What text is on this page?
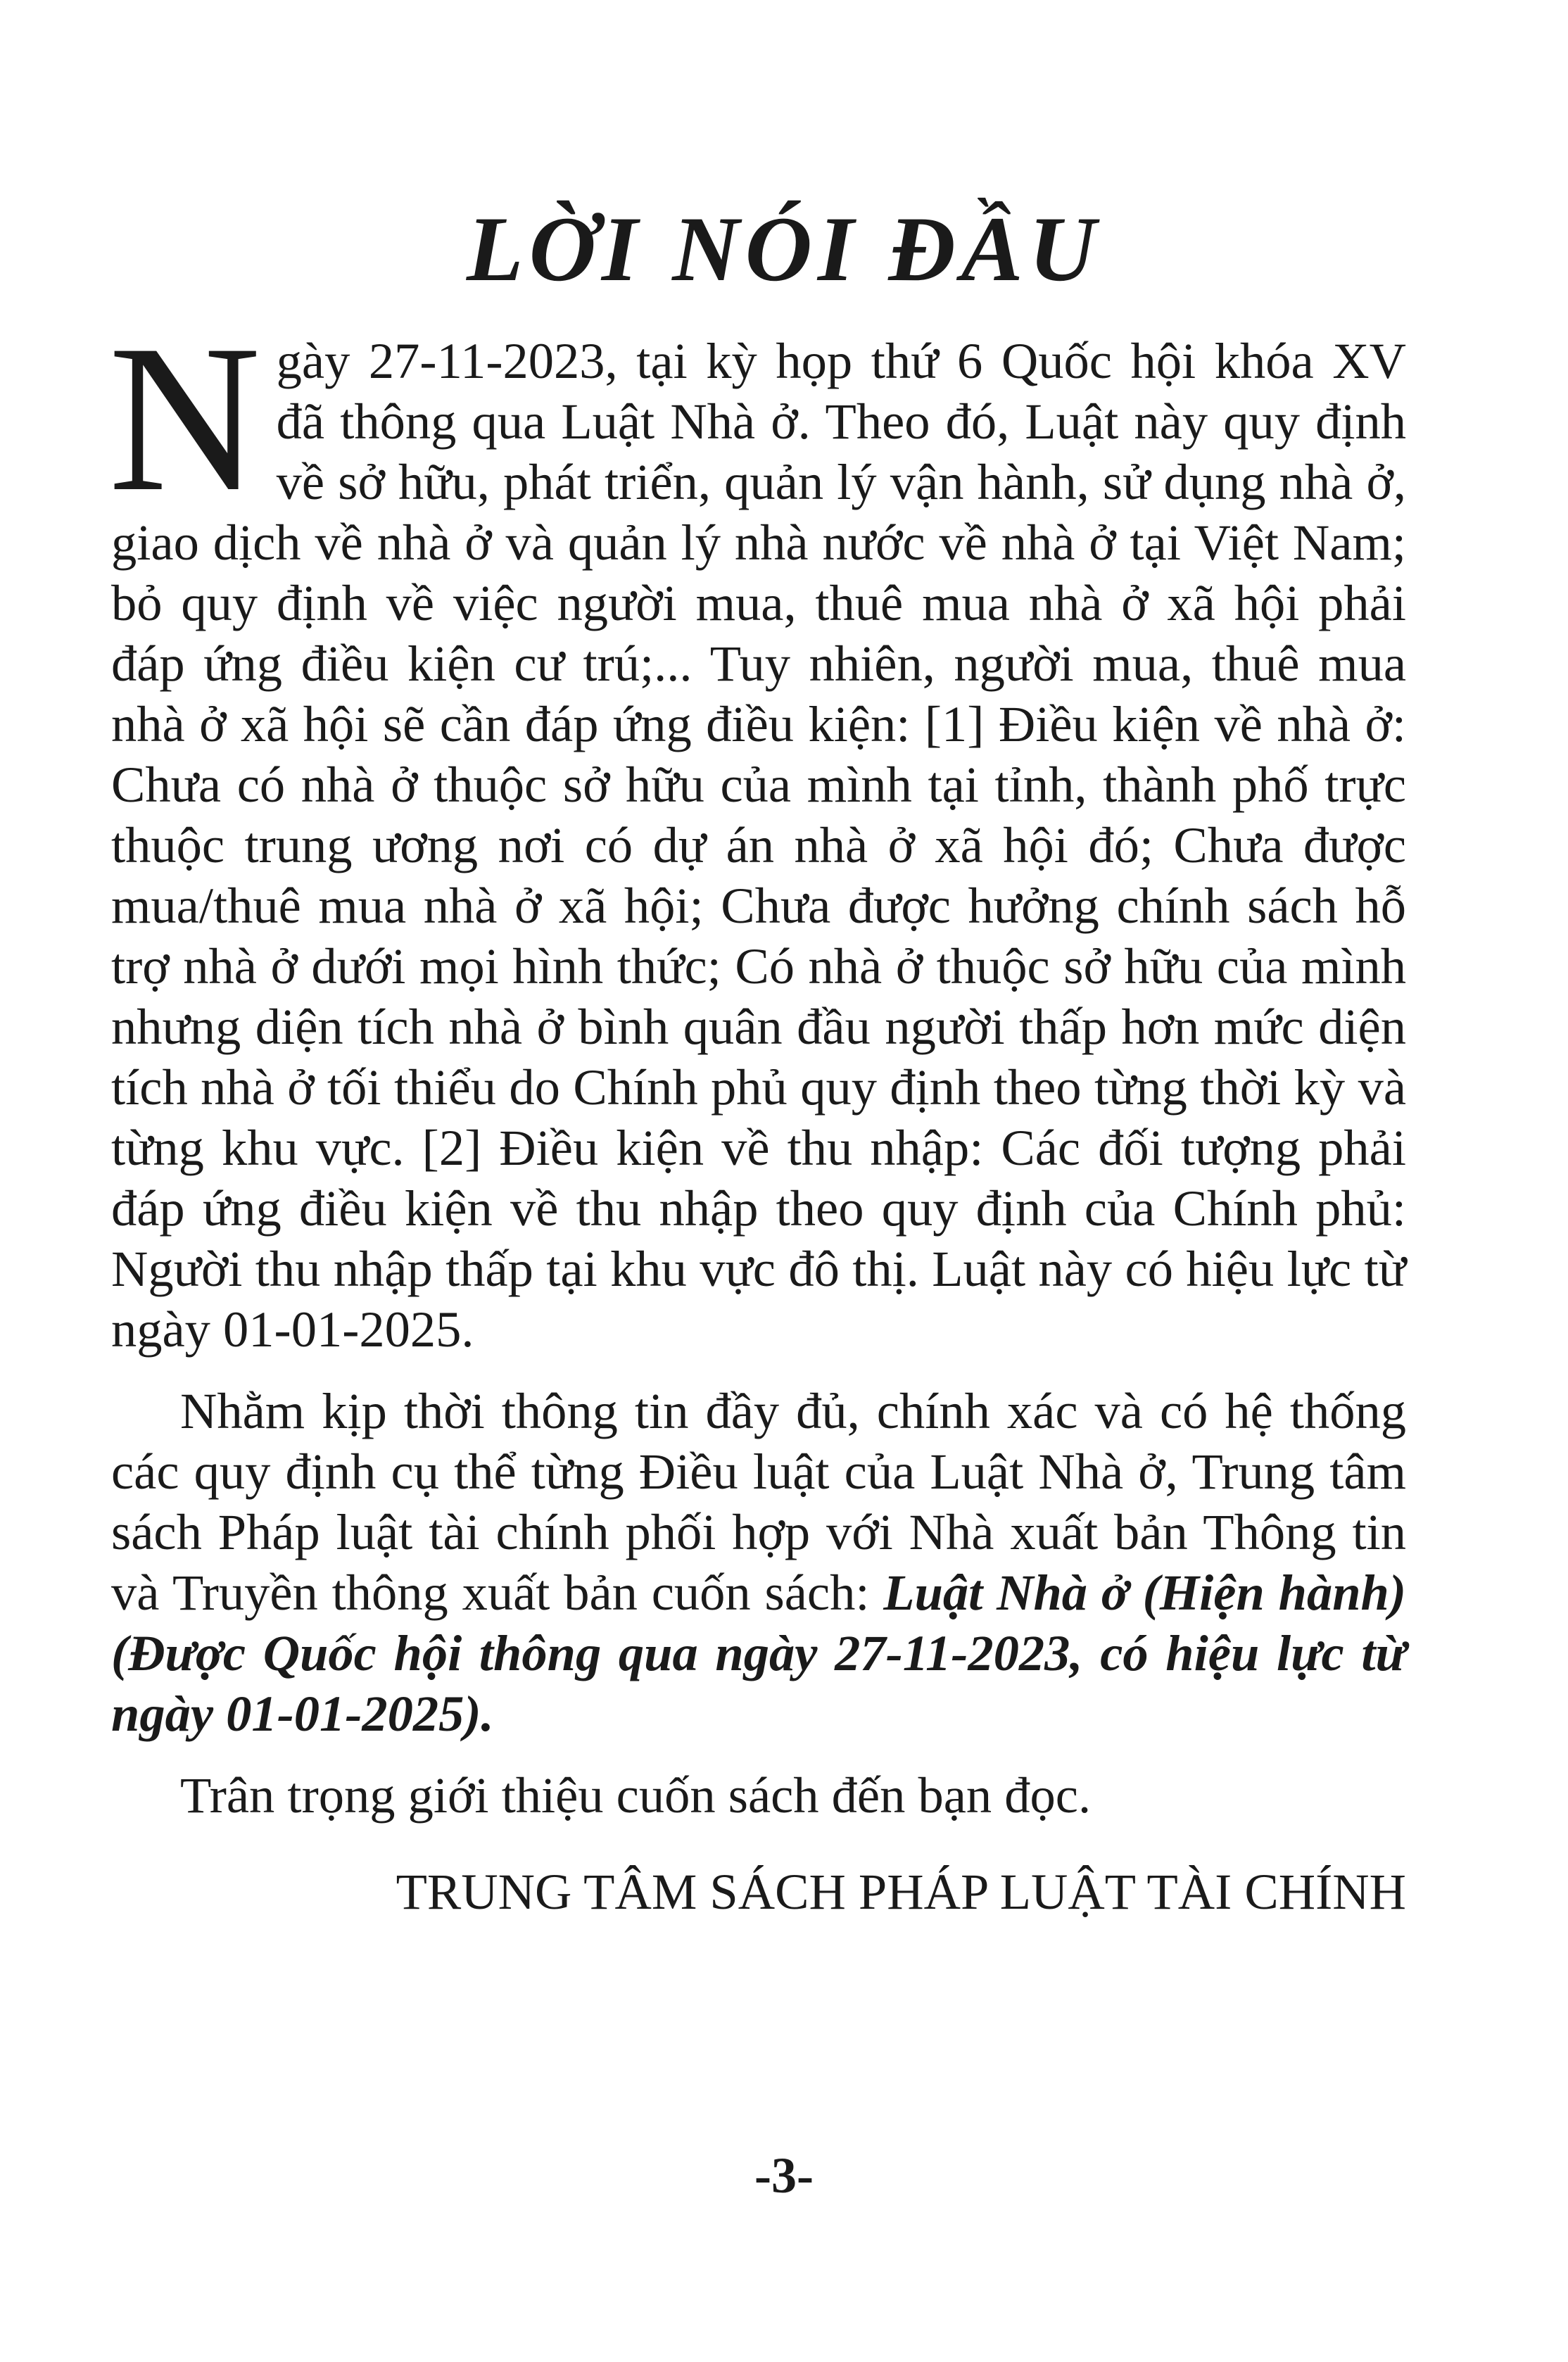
LỜI NÓI ĐẦU

Ngày 27-11-2023, tại kỳ họp thứ 6 Quốc hội khóa XV đã thông qua Luật Nhà ở. Theo đó, Luật này quy định về sở hữu, phát triển, quản lý vận hành, sử dụng nhà ở, giao dịch về nhà ở và quản lý nhà nước về nhà ở tại Việt Nam; bỏ quy định về việc người mua, thuê mua nhà ở xã hội phải đáp ứng điều kiện cư trú;... Tuy nhiên, người mua, thuê mua nhà ở xã hội sẽ cần đáp ứng điều kiện: [1] Điều kiện về nhà ở: Chưa có nhà ở thuộc sở hữu của mình tại tỉnh, thành phố trực thuộc trung ương nơi có dự án nhà ở xã hội đó; Chưa được mua/thuê mua nhà ở xã hội; Chưa được hưởng chính sách hỗ trợ nhà ở dưới mọi hình thức; Có nhà ở thuộc sở hữu của mình nhưng diện tích nhà ở bình quân đầu người thấp hơn mức diện tích nhà ở tối thiểu do Chính phủ quy định theo từng thời kỳ và từng khu vực. [2] Điều kiện về thu nhập: Các đối tượng phải đáp ứng điều kiện về thu nhập theo quy định của Chính phủ: Người thu nhập thấp tại khu vực đô thị. Luật này có hiệu lực từ ngày 01-01-2025.

Nhằm kịp thời thông tin đầy đủ, chính xác và có hệ thống các quy định cụ thể từng Điều luật của Luật Nhà ở, Trung tâm sách Pháp luật tài chính phối hợp với Nhà xuất bản Thông tin và Truyền thông xuất bản cuốn sách: Luật Nhà ở (Hiện hành) (Được Quốc hội thông qua ngày 27-11-2023, có hiệu lực từ ngày 01-01-2025).

Trân trọng giới thiệu cuốn sách đến bạn đọc.

TRUNG TÂM SÁCH PHÁP LUẬT TÀI CHÍNH
-3-
